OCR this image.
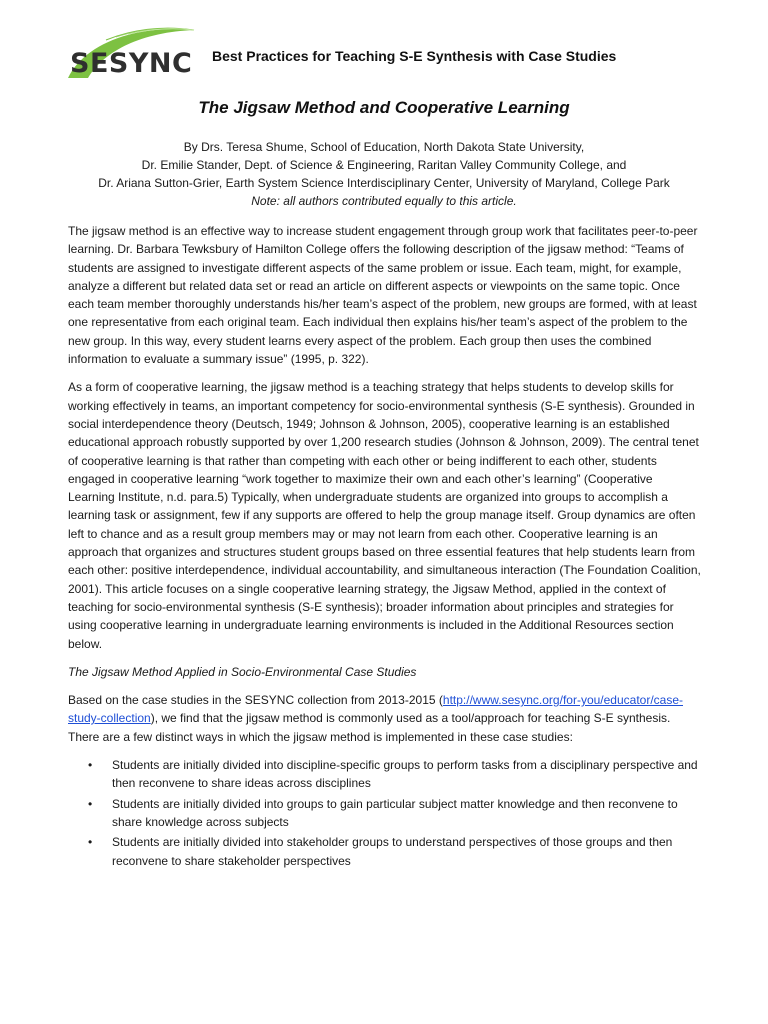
SESYNC Best Practices for Teaching S-E Synthesis with Case Studies
The Jigsaw Method and Cooperative Learning
By Drs. Teresa Shume, School of Education, North Dakota State University,
Dr. Emilie Stander, Dept. of Science & Engineering, Raritan Valley Community College, and
Dr. Ariana Sutton-Grier, Earth System Science Interdisciplinary Center, University of Maryland, College Park
Note: all authors contributed equally to this article.

The jigsaw method is an effective way to increase student engagement through group work that facilitates peer-to-peer learning. Dr. Barbara Tewksbury of Hamilton College offers the following description of the jigsaw method: “Teams of students are assigned to investigate different aspects of the same problem or issue. Each team, might, for example, analyze a different but related data set or read an article on different aspects or viewpoints on the same topic. Once each team member thoroughly understands his/her team’s aspect of the problem, new groups are formed, with at least one representative from each original team. Each individual then explains his/her team’s aspect of the problem to the new group. In this way, every student learns every aspect of the problem. Each group then uses the combined information to evaluate a summary issue” (1995, p. 322).

As a form of cooperative learning, the jigsaw method is a teaching strategy that helps students to develop skills for working effectively in teams, an important competency for socio-environmental synthesis (S-E synthesis). Grounded in social interdependence theory (Deutsch, 1949; Johnson & Johnson, 2005), cooperative learning is an established educational approach robustly supported by over 1,200 research studies (Johnson & Johnson, 2009). The central tenet of cooperative learning is that rather than competing with each other or being indifferent to each other, students engaged in cooperative learning “work together to maximize their own and each other’s learning” (Cooperative Learning Institute, n.d. para.5) Typically, when undergraduate students are organized into groups to accomplish a learning task or assignment, few if any supports are offered to help the group manage itself. Group dynamics are often left to chance and as a result group members may or may not learn from each other. Cooperative learning is an approach that organizes and structures student groups based on three essential features that help students learn from each other: positive interdependence, individual accountability, and simultaneous interaction (The Foundation Coalition, 2001). This article focuses on a single cooperative learning strategy, the Jigsaw Method, applied in the context of teaching for socio-environmental synthesis (S-E synthesis); broader information about principles and strategies for using cooperative learning in undergraduate learning environments is included in the Additional Resources section below.

The Jigsaw Method Applied in Socio-Environmental Case Studies

Based on the case studies in the SESYNC collection from 2013-2015 (http://www.sesync.org/for-you/educator/case-study-collection), we find that the jigsaw method is commonly used as a tool/approach for teaching S-E synthesis. There are a few distinct ways in which the jigsaw method is implemented in these case studies:

• Students are initially divided into discipline-specific groups to perform tasks from a disciplinary perspective and then reconvene to share ideas across disciplines
• Students are initially divided into groups to gain particular subject matter knowledge and then reconvene to share knowledge across subjects
• Students are initially divided into stakeholder groups to understand perspectives of those groups and then reconvene to share stakeholder perspectives
